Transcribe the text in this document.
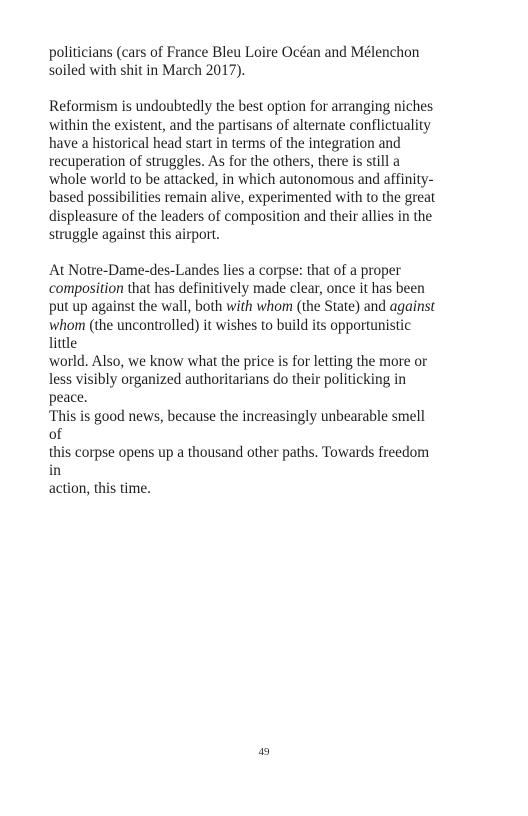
politicians (cars of France Bleu Loire Océan and Mélenchon
soiled with shit in March 2017).

Reformism is undoubtedly the best option for arranging niches
within the existent, and the partisans of alternate conflictuality
have a historical head start in terms of the integration and
recuperation of struggles. As for the others, there is still a
whole world to be attacked, in which autonomous and affinity-
based possibilities remain alive, experimented with to the great
displeasure of the leaders of composition and their allies in the
struggle against this airport.

At Notre-Dame-des-Landes lies a corpse: that of a proper
composition that has definitively made clear, once it has been
put up against the wall, both with whom (the State) and against
whom (the uncontrolled) it wishes to build its opportunistic little
world. Also, we know what the price is for letting the more or
less visibly organized authoritarians do their politicking in peace.
This is good news, because the increasingly unbearable smell of
this corpse opens up a thousand other paths. Towards freedom in
action, this time.

49
